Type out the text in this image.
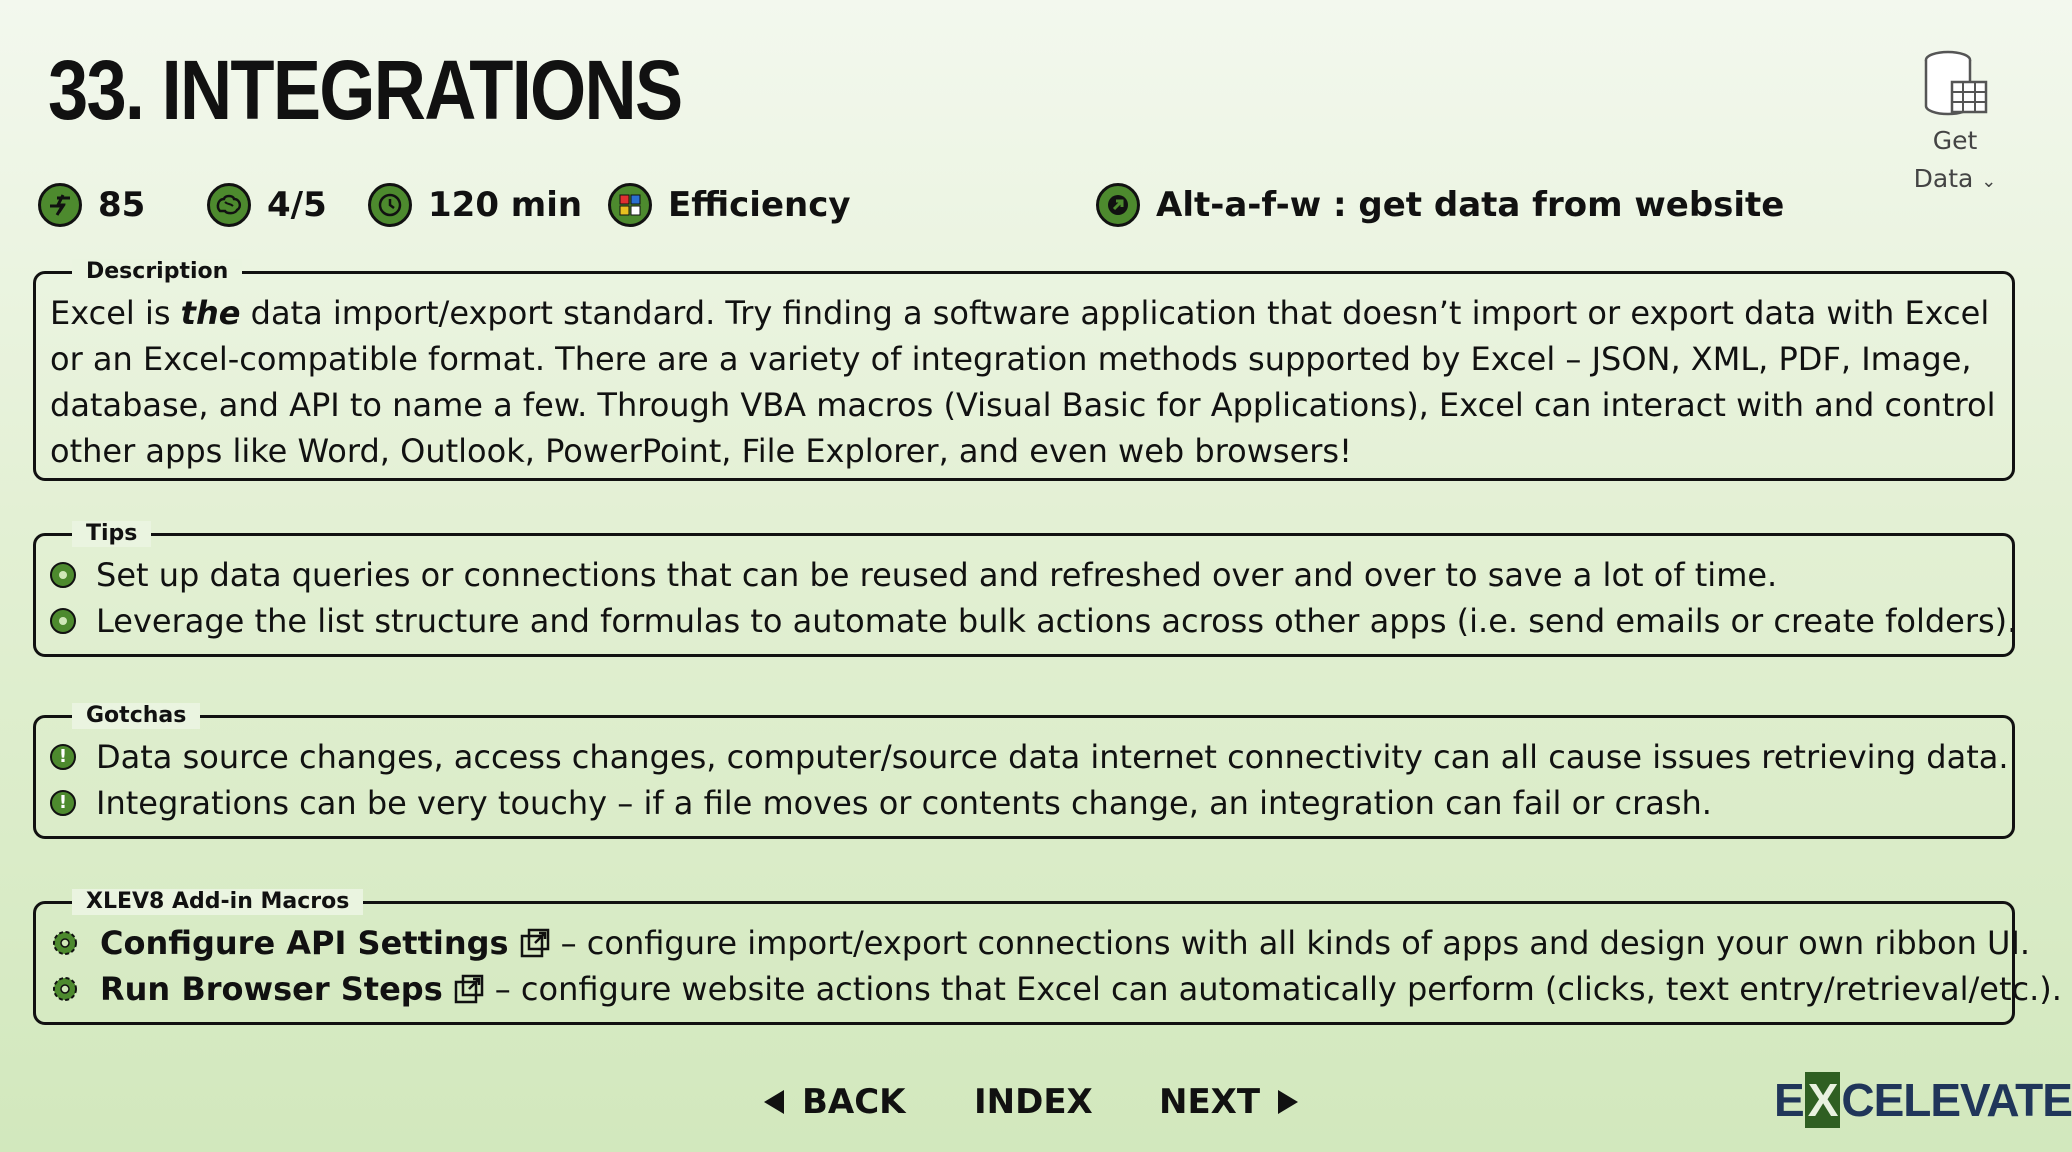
33. INTEGRATIONS
Get
Data ⌄
85	4/5	120 min	Efficiency	Alt-a-f-w : get data from website
Description
Excel is the data import/export standard. Try finding a software application that doesn’t import or export data with Excel or an Excel-compatible format. There are a variety of integration methods supported by Excel – JSON, XML, PDF, Image, database, and API to name a few. Through VBA macros (Visual Basic for Applications), Excel can interact with and control other apps like Word, Outlook, PowerPoint, File Explorer, and even web browsers!
Tips
Set up data queries or connections that can be reused and refreshed over and over to save a lot of time.
Leverage the list structure and formulas to automate bulk actions across other apps (i.e. send emails or create folders).
Gotchas
! Data source changes, access changes, computer/source data internet connectivity can all cause issues retrieving data.
! Integrations can be very touchy – if a file moves or contents change, an integration can fail or crash.
XLEV8 Add-in Macros
Configure API Settings – configure import/export connections with all kinds of apps and design your own ribbon UI.
Run Browser Steps – configure website actions that Excel can automatically perform (clicks, text entry/retrieval/etc.).
BACK INDEX NEXT	E X CELEVATE
